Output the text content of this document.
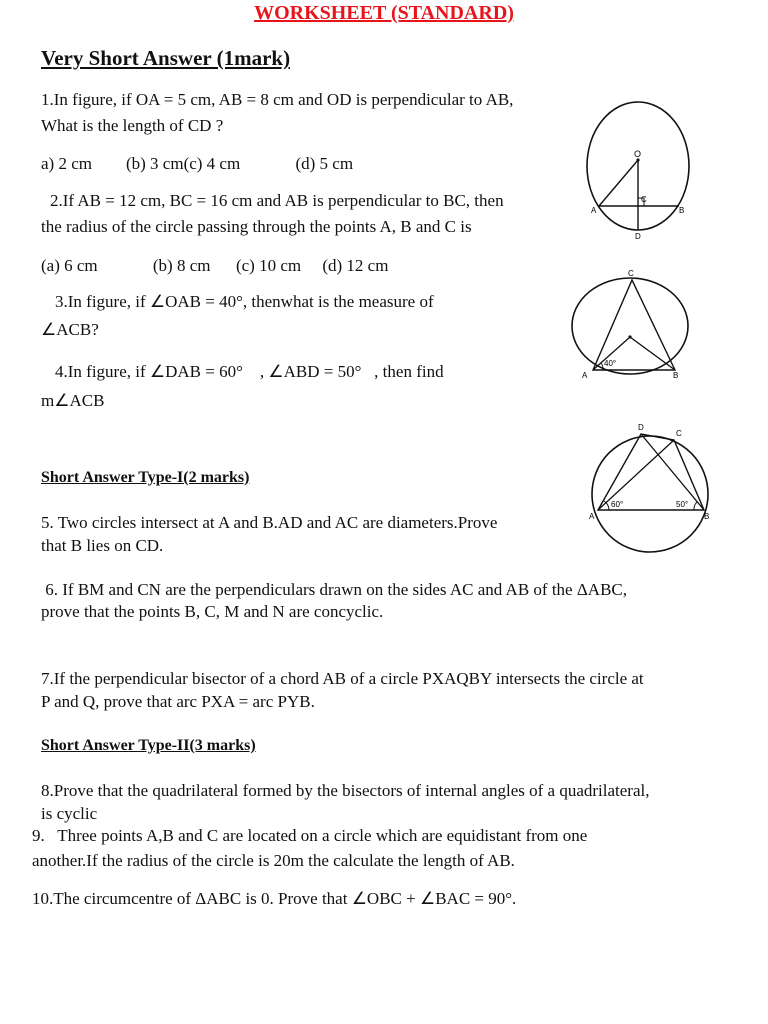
WORKSHEET (STANDARD)
Very Short Answer (1mark)
1.In figure, if OA = 5 cm, AB = 8 cm and OD is perpendicular to AB,
What is the length of CD ?
a) 2 cm        (b) 3 cm(c) 4 cm             (d) 5 cm
2.If AB = 12 cm, BC = 16 cm and AB is perpendicular to BC, then
the radius of the circle passing through the points A, B and C is
(a) 6 cm             (b) 8 cm      (c) 10 cm     (d) 12 cm
3.In figure, if ∠OAB = 40°, thenwhat is the measure of
∠ACB?
4.In figure, if ∠DAB = 60°    , ∠ABD = 50°   , then find
m∠ACB
Short Answer Type-I(2 marks)
5. Two circles intersect at A and B.AD and AC are diameters.Prove
that B lies on CD.
6. If BM and CN are the perpendiculars drawn on the sides AC and AB of the ΔABC,
prove that the points B, C, M and N are concyclic.
7.If the perpendicular bisector of a chord AB of a circle PXAQBY intersects the circle at
P and Q, prove that arc PXA = arc PYB.
Short Answer Type-II(3 marks)
8.Prove that the quadrilateral formed by the bisectors of internal angles of a quadrilateral,
is cyclic
9.   Three points A,B and C are located on a circle which are equidistant from one
another.If the radius of the circle is 20m the calculate the length of AB.
10.The circumcentre of ΔABC is 0. Prove that ∠OBC + ∠BAC = 90°.
O
A	B
C
D
40°
A	B
C
60°	50°
A	B
C
D
